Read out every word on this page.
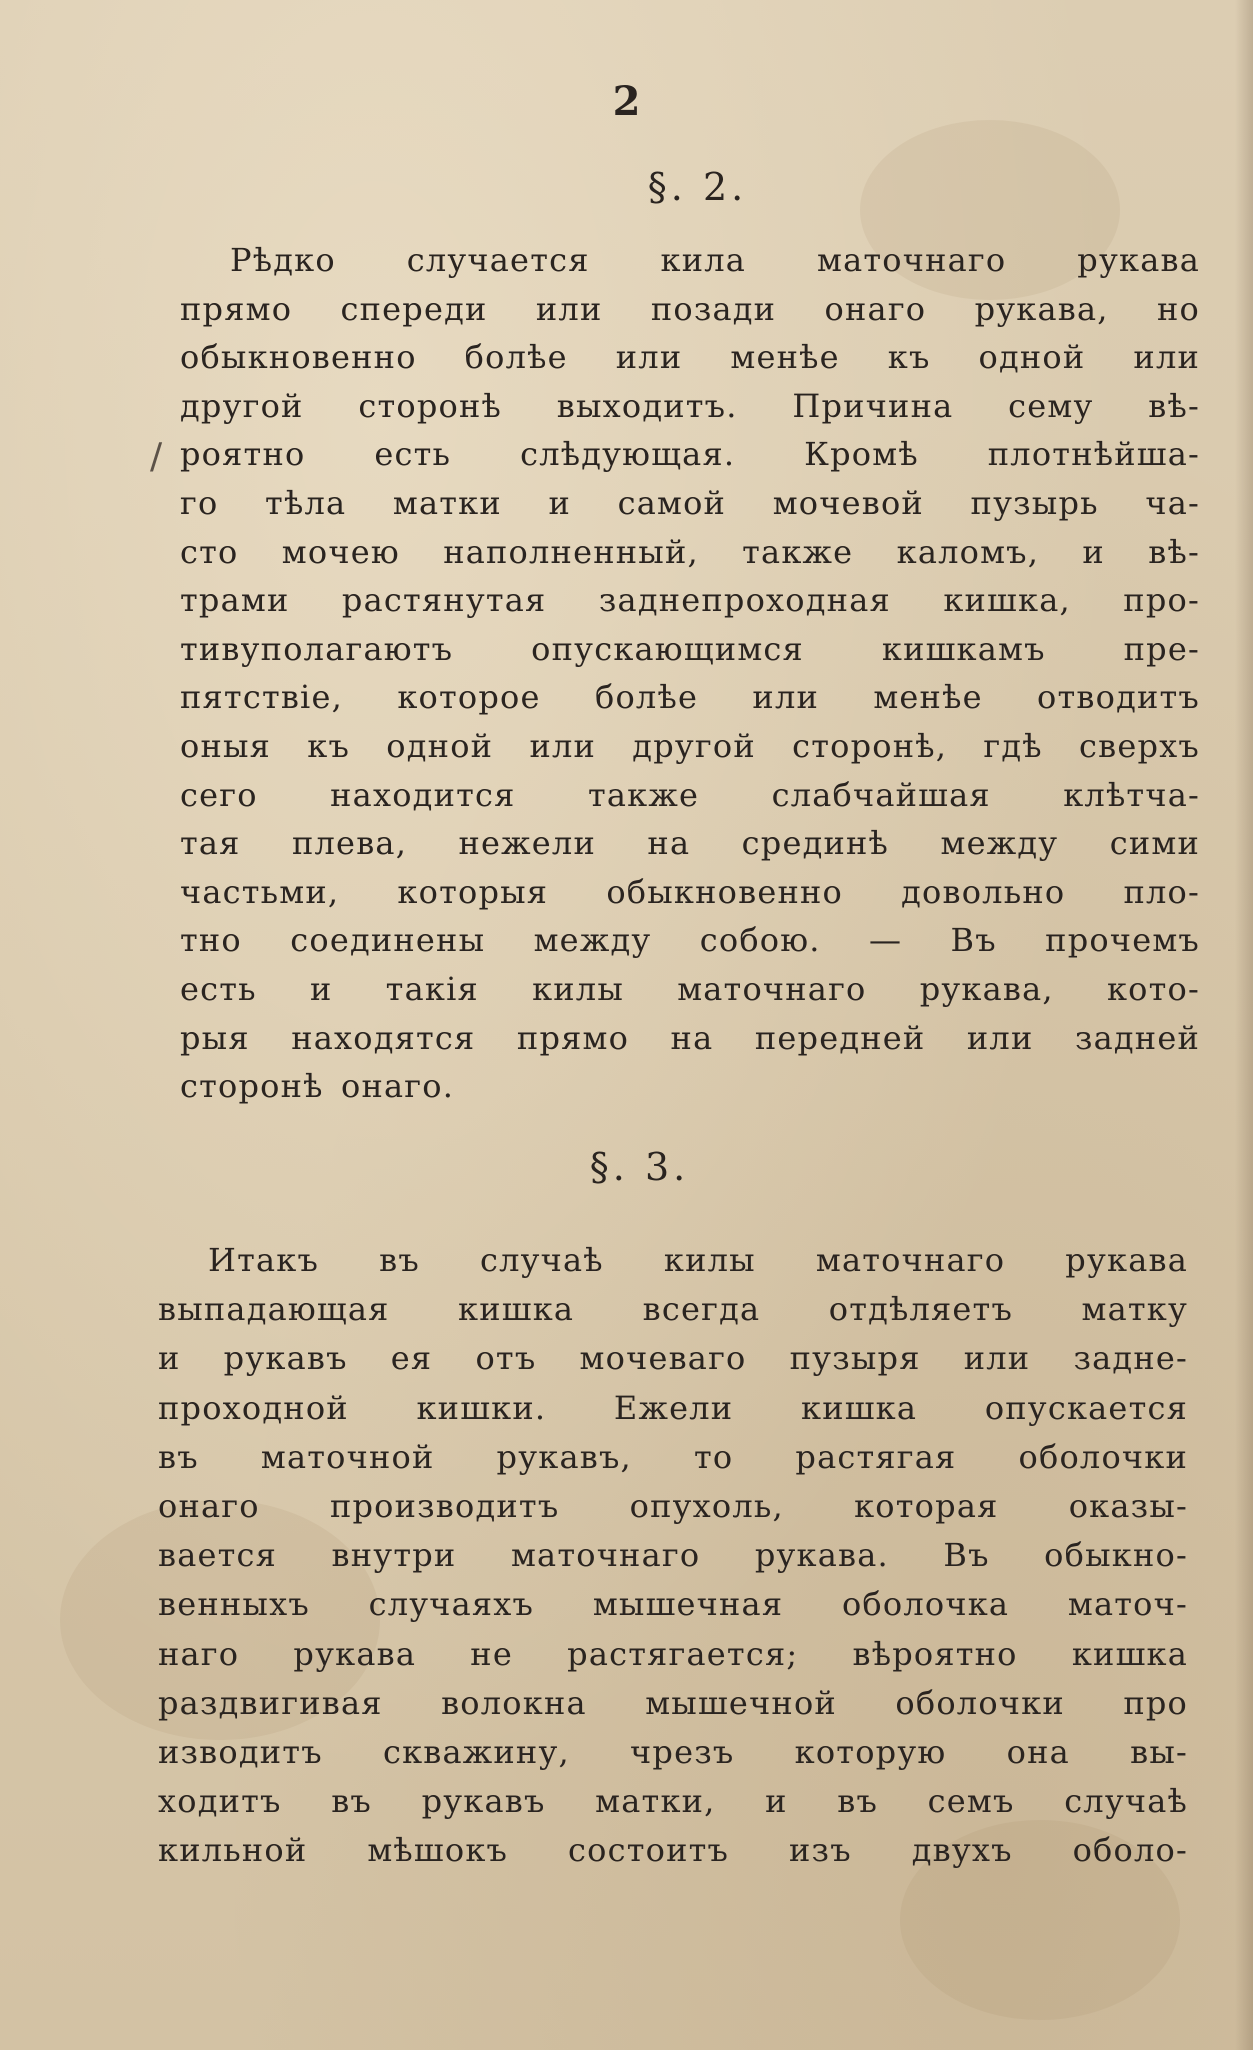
2
§. 2.
/
Рѣдко случается кила маточнаго рукава
прямо спереди или позади онаго рукава, но
обыкновенно болѣе или менѣе къ одной или
другой сторонѣ выходитъ. Причина сему вѣ-
роятно есть слѣдующая. Кромѣ плотнѣйша-
го тѣла матки и самой мочевой пузырь ча-
сто мочею наполненный, также каломъ, и вѣ-
трами растянутая заднепроходная кишка, про-
тивуполагаютъ опускающимся кишкамъ пре-
пятствіе, которое болѣе или менѣе отводитъ
оныя къ одной или другой сторонѣ, гдѣ сверхъ
сего находится также слабчайшая клѣтча-
тая плева, нежели на срединѣ между сими
частьми, которыя обыкновенно довольно пло-
тно соединены между собою. — Въ прочемъ
есть и такія килы маточнаго рукава, кото-
рыя находятся прямо на передней или задней
сторонѣ онаго.
§. 3.
Итакъ въ случаѣ килы маточнаго рукава
выпадающая кишка всегда отдѣляетъ матку
и рукавъ ея отъ мочеваго пузыря или задне-
проходной кишки. Ежели кишка опускается
въ маточной рукавъ, то растягая оболочки
онаго производитъ опухоль, которая оказы-
вается внутри маточнаго рукава. Въ обыкно-
венныхъ случаяхъ мышечная оболочка маточ-
наго рукава не растягается; вѣроятно кишка
раздвигивая волокна мышечной оболочки про
изводитъ скважину, чрезъ которую она вы-
ходитъ въ рукавъ матки, и въ семъ случаѣ
кильной мѣшокъ состоитъ изъ двухъ оболо-
